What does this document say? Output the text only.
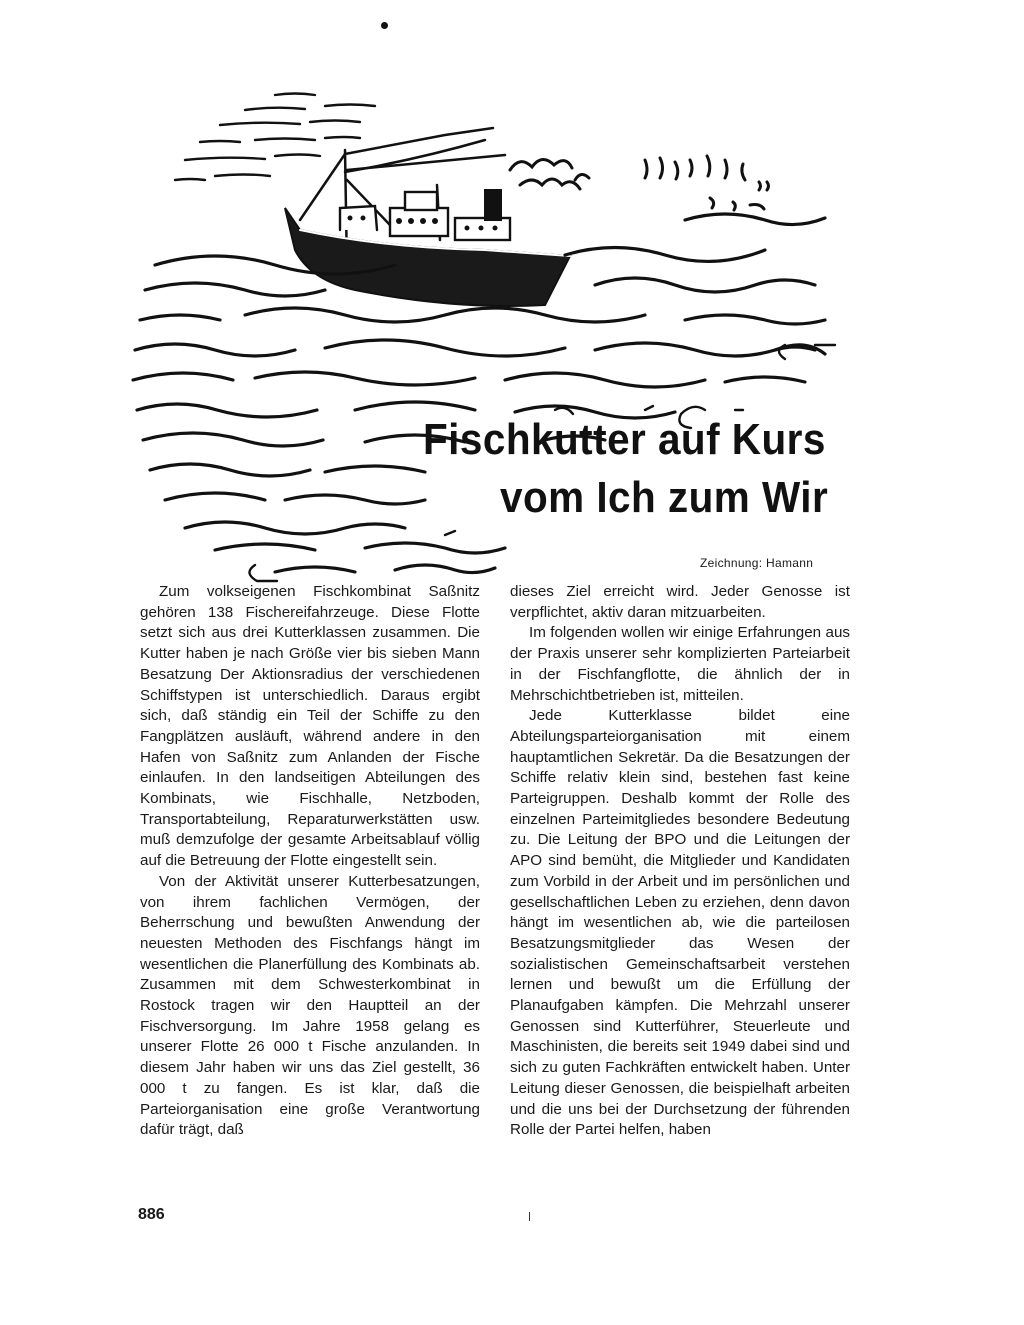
Fischkutter auf Kurs
vom Ich zum Wir
Zeichnung: Hamann

Zum volkseigenen Fischkombinat Saßnitz gehören 138 Fischereifahrzeuge. Diese Flotte setzt sich aus drei Kutterklassen zusammen. Die Kutter haben je nach Größe vier bis sieben Mann Besatzung Der Aktionsradius der verschiedenen Schiffstypen ist unterschiedlich. Daraus ergibt sich, daß ständig ein Teil der Schiffe zu den Fangplätzen ausläuft, während andere in den Hafen von Saßnitz zum Anlanden der Fische einlaufen. In den landseitigen Abteilungen des Kombinats, wie Fischhalle, Netzboden, Transportabteilung, Reparaturwerkstätten usw. muß demzufolge der gesamte Arbeitsablauf völlig auf die Betreuung der Flotte eingestellt sein.

Von der Aktivität unserer Kutterbesatzungen, von ihrem fachlichen Vermögen, der Beherrschung und bewußten Anwendung der neuesten Methoden des Fischfangs hängt im wesentlichen die Planerfüllung des Kombinats ab. Zusammen mit dem Schwesterkombinat in Rostock tragen wir den Hauptteil an der Fischversorgung. Im Jahre 1958 gelang es unserer Flotte 26 000 t Fische anzulanden. In diesem Jahr haben wir uns das Ziel gestellt, 36 000 t zu fangen. Es ist klar, daß die Parteiorganisation eine große Verantwortung dafür trägt, daß

dieses Ziel erreicht wird. Jeder Genosse ist verpflichtet, aktiv daran mitzuarbeiten.

Im folgenden wollen wir einige Erfahrungen aus der Praxis unserer sehr komplizierten Parteiarbeit in der Fischfangflotte, die ähnlich der in Mehrschichtbetrieben ist, mitteilen.

Jede Kutterklasse bildet eine Abteilungsparteiorganisation mit einem hauptamtlichen Sekretär. Da die Besatzungen der Schiffe relativ klein sind, bestehen fast keine Parteigruppen. Deshalb kommt der Rolle des einzelnen Parteimitgliedes besondere Bedeutung zu. Die Leitung der BPO und die Leitungen der APO sind bemüht, die Mitglieder und Kandidaten zum Vorbild in der Arbeit und im persönlichen und gesellschaftlichen Leben zu erziehen, denn davon hängt im wesentlichen ab, wie die parteilosen Besatzungsmitglieder das Wesen der sozialistischen Gemeinschaftsarbeit verstehen lernen und bewußt um die Erfüllung der Planaufgaben kämpfen. Die Mehrzahl unserer Genossen sind Kutterführer, Steuerleute und Maschinisten, die bereits seit 1949 dabei sind und sich zu guten Fachkräften entwickelt haben. Unter Leitung dieser Genossen, die beispielhaft arbeiten und die uns bei der Durchsetzung der führenden Rolle der Partei helfen, haben

886
